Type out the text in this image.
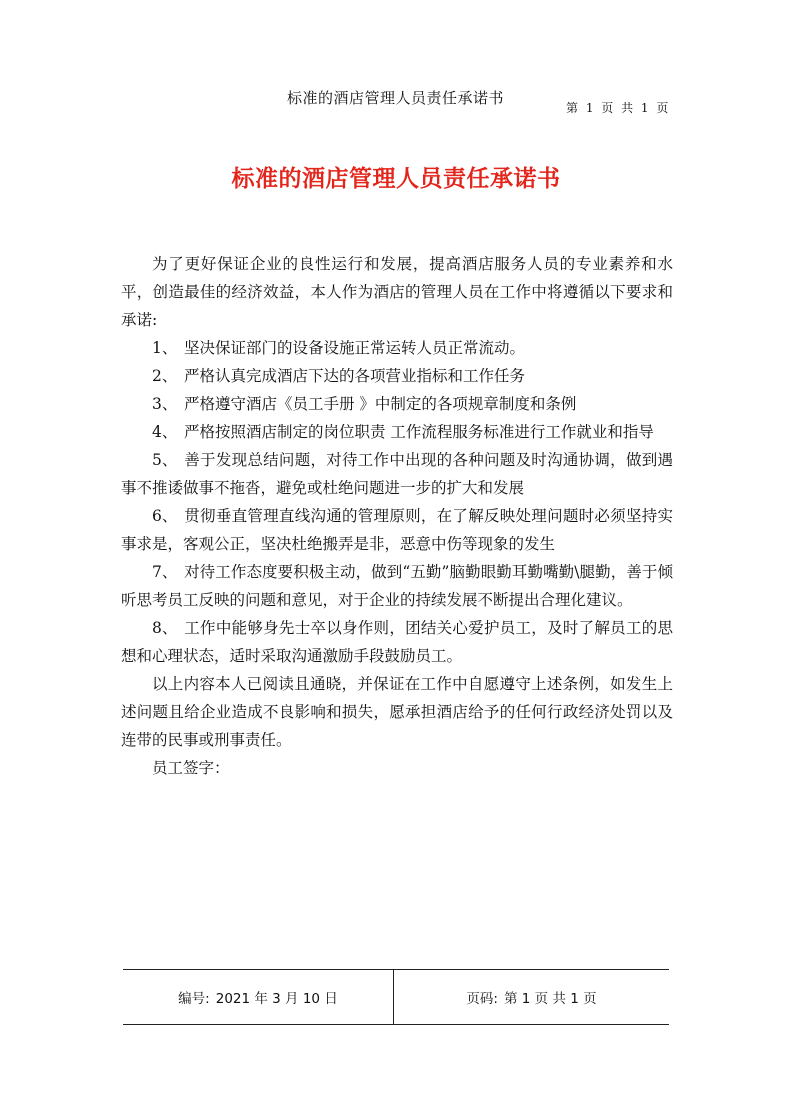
标准的酒店管理人员责任承诺书
第 1 页 共 1 页
标准的酒店管理人员责任承诺书

为了更好保证企业的良性运行和发展，提高酒店服务人员的专业素养和水平，创造最佳的经济效益，本人作为酒店的管理人员在工作中将遵循以下要求和承诺:

1、 坚决保证部门的设备设施正常运转人员正常流动。

2、 严格认真完成酒店下达的各项营业指标和工作任务

3、 严格遵守酒店《员工手册 》中制定的各项规章制度和条例

4、 严格按照酒店制定的岗位职责 工作流程服务标准进行工作就业和指导

5、 善于发现总结问题，对待工作中出现的各种问题及时沟通协调，做到遇事不推诿做事不拖沓，避免或杜绝问题进一步的扩大和发展

6、 贯彻垂直管理直线沟通的管理原则，在了解反映处理问题时必须坚持实事求是，客观公正，坚决杜绝搬弄是非，恶意中伤等现象的发生

7、 对待工作态度要积极主动，做到“五勤”脑勤眼勤耳勤嘴勤\腿勤，善于倾听思考员工反映的问题和意见，对于企业的持续发展不断提出合理化建议。

8、 工作中能够身先士卒以身作则，团结关心爱护员工，及时了解员工的思想和心理状态，适时采取沟通激励手段鼓励员工。

以上内容本人已阅读且通晓，并保证在工作中自愿遵守上述条例，如发生上述问题且给企业造成不良影响和损失，愿承担酒店给予的任何行政经济处罚以及连带的民事或刑事责任。

员工签字：

编号: 2021 年 3 月 10 日	页码: 第 1 页 共 1 页
